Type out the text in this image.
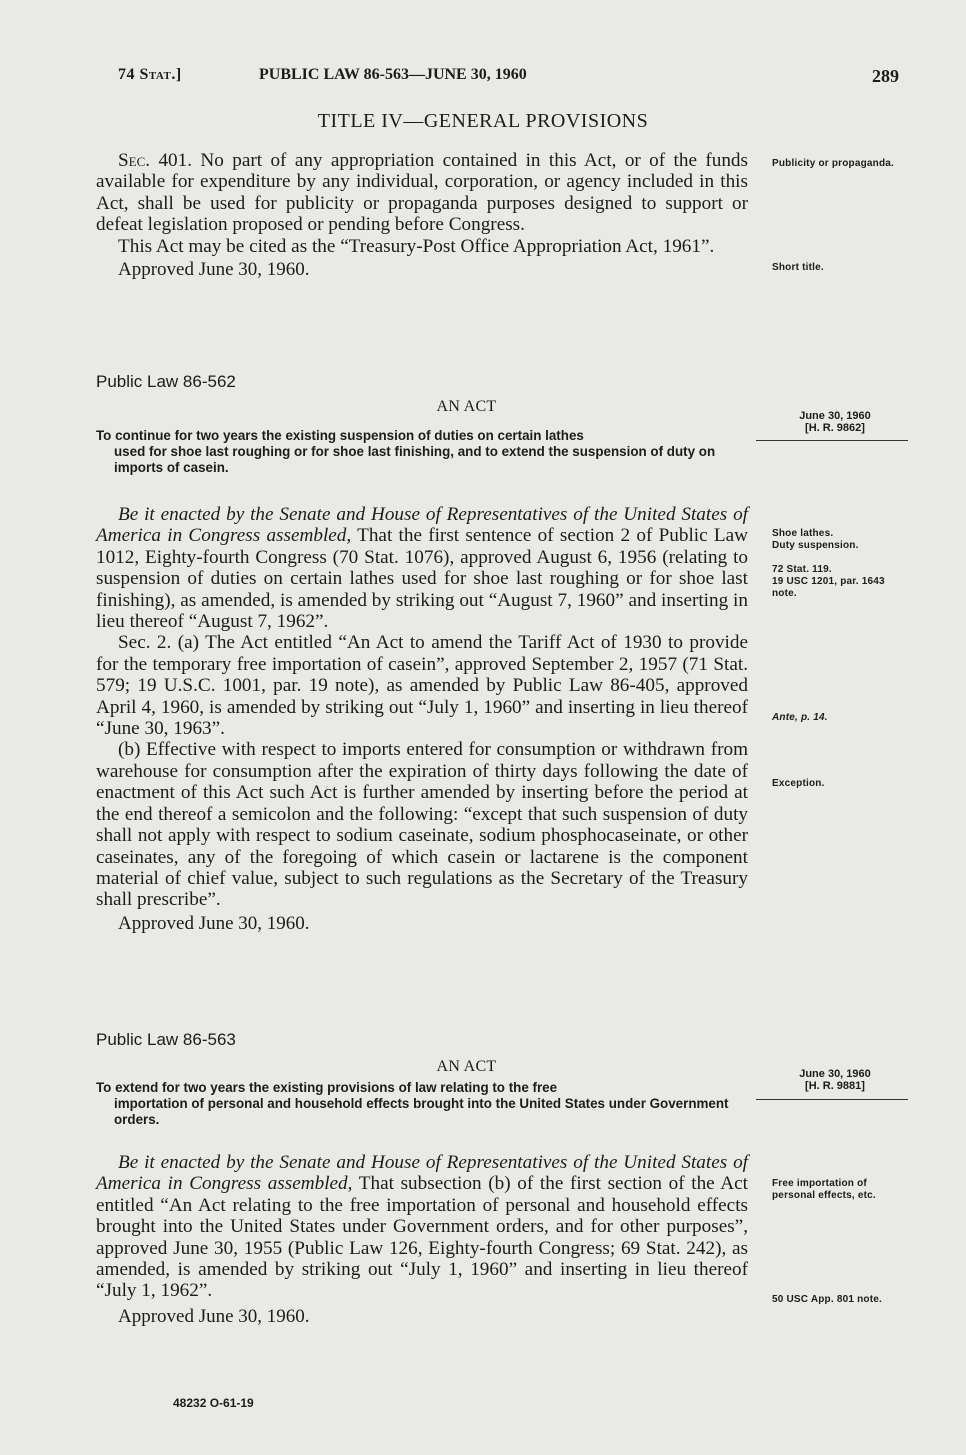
74 Stat.]	PUBLIC LAW 86-563—JUNE 30, 1960	289
TITLE IV—GENERAL PROVISIONS

Sec. 401. No part of any appropriation contained in this Act, or of the funds available for expenditure by any individual, corporation, or agency included in this Act, shall be used for publicity or propaganda purposes designed to support or defeat legislation proposed or pending before Congress.

This Act may be cited as the “Treasury-Post Office Appropriation Act, 1961”.

Approved June 30, 1960.

Publicity or propaganda.
Short title.
Public Law 86-562
AN ACT
June 30, 1960
[H. R. 9862]
To continue for two years the existing suspension of duties on certain lathes
used for shoe last roughing or for shoe last finishing, and to extend the suspension of duty on imports of casein.

Be it enacted by the Senate and House of Representatives of the United States of America in Congress assembled, That the first sentence of section 2 of Public Law 1012, Eighty-fourth Congress (70 Stat. 1076), approved August 6, 1956 (relating to suspension of duties on certain lathes used for shoe last roughing or for shoe last finishing), as amended, is amended by striking out “August 7, 1960” and inserting in lieu thereof “August 7, 1962”.

Sec. 2. (a) The Act entitled “An Act to amend the Tariff Act of 1930 to provide for the temporary free importation of casein”, approved September 2, 1957 (71 Stat. 579; 19 U.S.C. 1001, par. 19 note), as amended by Public Law 86-405, approved April 4, 1960, is amended by striking out “July 1, 1960” and inserting in lieu thereof “June 30, 1963”.

(b) Effective with respect to imports entered for consumption or withdrawn from warehouse for consumption after the expiration of thirty days following the date of enactment of this Act such Act is further amended by inserting before the period at the end thereof a semicolon and the following: “except that such suspension of duty shall not apply with respect to sodium caseinate, sodium phosphocaseinate, or other caseinates, any of the foregoing of which casein or lactarene is the component material of chief value, subject to such regulations as the Secretary of the Treasury shall prescribe”.

Approved June 30, 1960.

Shoe lathes.
Duty suspension.
72 Stat. 119.
19 USC 1201, par. 1643 note.
Ante, p. 14.
Exception.
Public Law 86-563
AN ACT	June 30, 1960
[H. R. 9881]
To extend for two years the existing provisions of law relating to the free
importation of personal and household effects brought into the United States under Government orders.

Be it enacted by the Senate and House of Representatives of the United States of America in Congress assembled, That subsection (b) of the first section of the Act entitled “An Act relating to the free importation of personal and household effects brought into the United States under Government orders, and for other purposes”, approved June 30, 1955 (Public Law 126, Eighty-fourth Congress; 69 Stat. 242), as amended, is amended by striking out “July 1, 1960” and inserting in lieu thereof “July 1, 1962”.

Approved June 30, 1960.

Free importation of personal effects, etc.
50 USC App. 801 note.
48232 O-61-19
